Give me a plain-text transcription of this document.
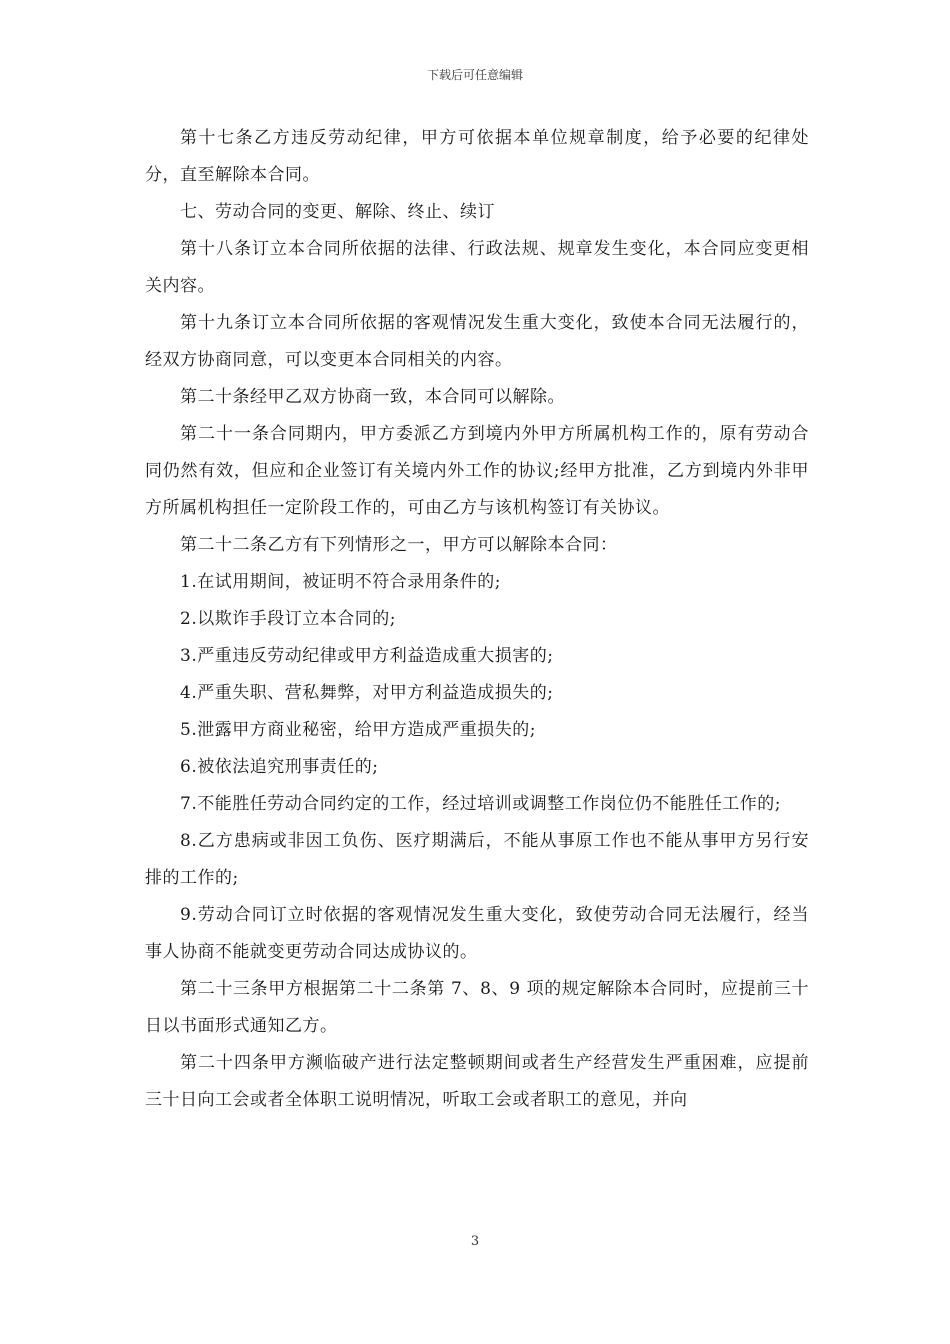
下载后可任意编辑

第十七条乙方违反劳动纪律，甲方可依据本单位规章制度，给予必要的纪律处分，直至解除本合同。

七、劳动合同的变更、解除、终止、续订

第十八条订立本合同所依据的法律、行政法规、规章发生变化，本合同应变更相关内容。

第十九条订立本合同所依据的客观情况发生重大变化，致使本合同无法履行的，经双方协商同意，可以变更本合同相关的内容。

第二十条经甲乙双方协商一致，本合同可以解除。

第二十一条合同期内，甲方委派乙方到境内外甲方所属机构工作的，原有劳动合同仍然有效，但应和企业签订有关境内外工作的协议;经甲方批准，乙方到境内外非甲方所属机构担任一定阶段工作的，可由乙方与该机构签订有关协议。

第二十二条乙方有下列情形之一，甲方可以解除本合同：

1.在试用期间，被证明不符合录用条件的;

2.以欺诈手段订立本合同的;

3.严重违反劳动纪律或甲方利益造成重大损害的;

4.严重失职、营私舞弊，对甲方利益造成损失的;

5.泄露甲方商业秘密，给甲方造成严重损失的;

6.被依法追究刑事责任的;

7.不能胜任劳动合同约定的工作，经过培训或调整工作岗位仍不能胜任工作的;

8.乙方患病或非因工负伤、医疗期满后，不能从事原工作也不能从事甲方另行安排的工作的;

9.劳动合同订立时依据的客观情况发生重大变化，致使劳动合同无法履行，经当事人协商不能就变更劳动合同达成协议的。

第二十三条甲方根据第二十二条第 7、8、9 项的规定解除本合同时，应提前三十日以书面形式通知乙方。

第二十四条甲方濒临破产进行法定整顿期间或者生产经营发生严重困难，应提前三十日向工会或者全体职工说明情况，听取工会或者职工的意见，并向

3
